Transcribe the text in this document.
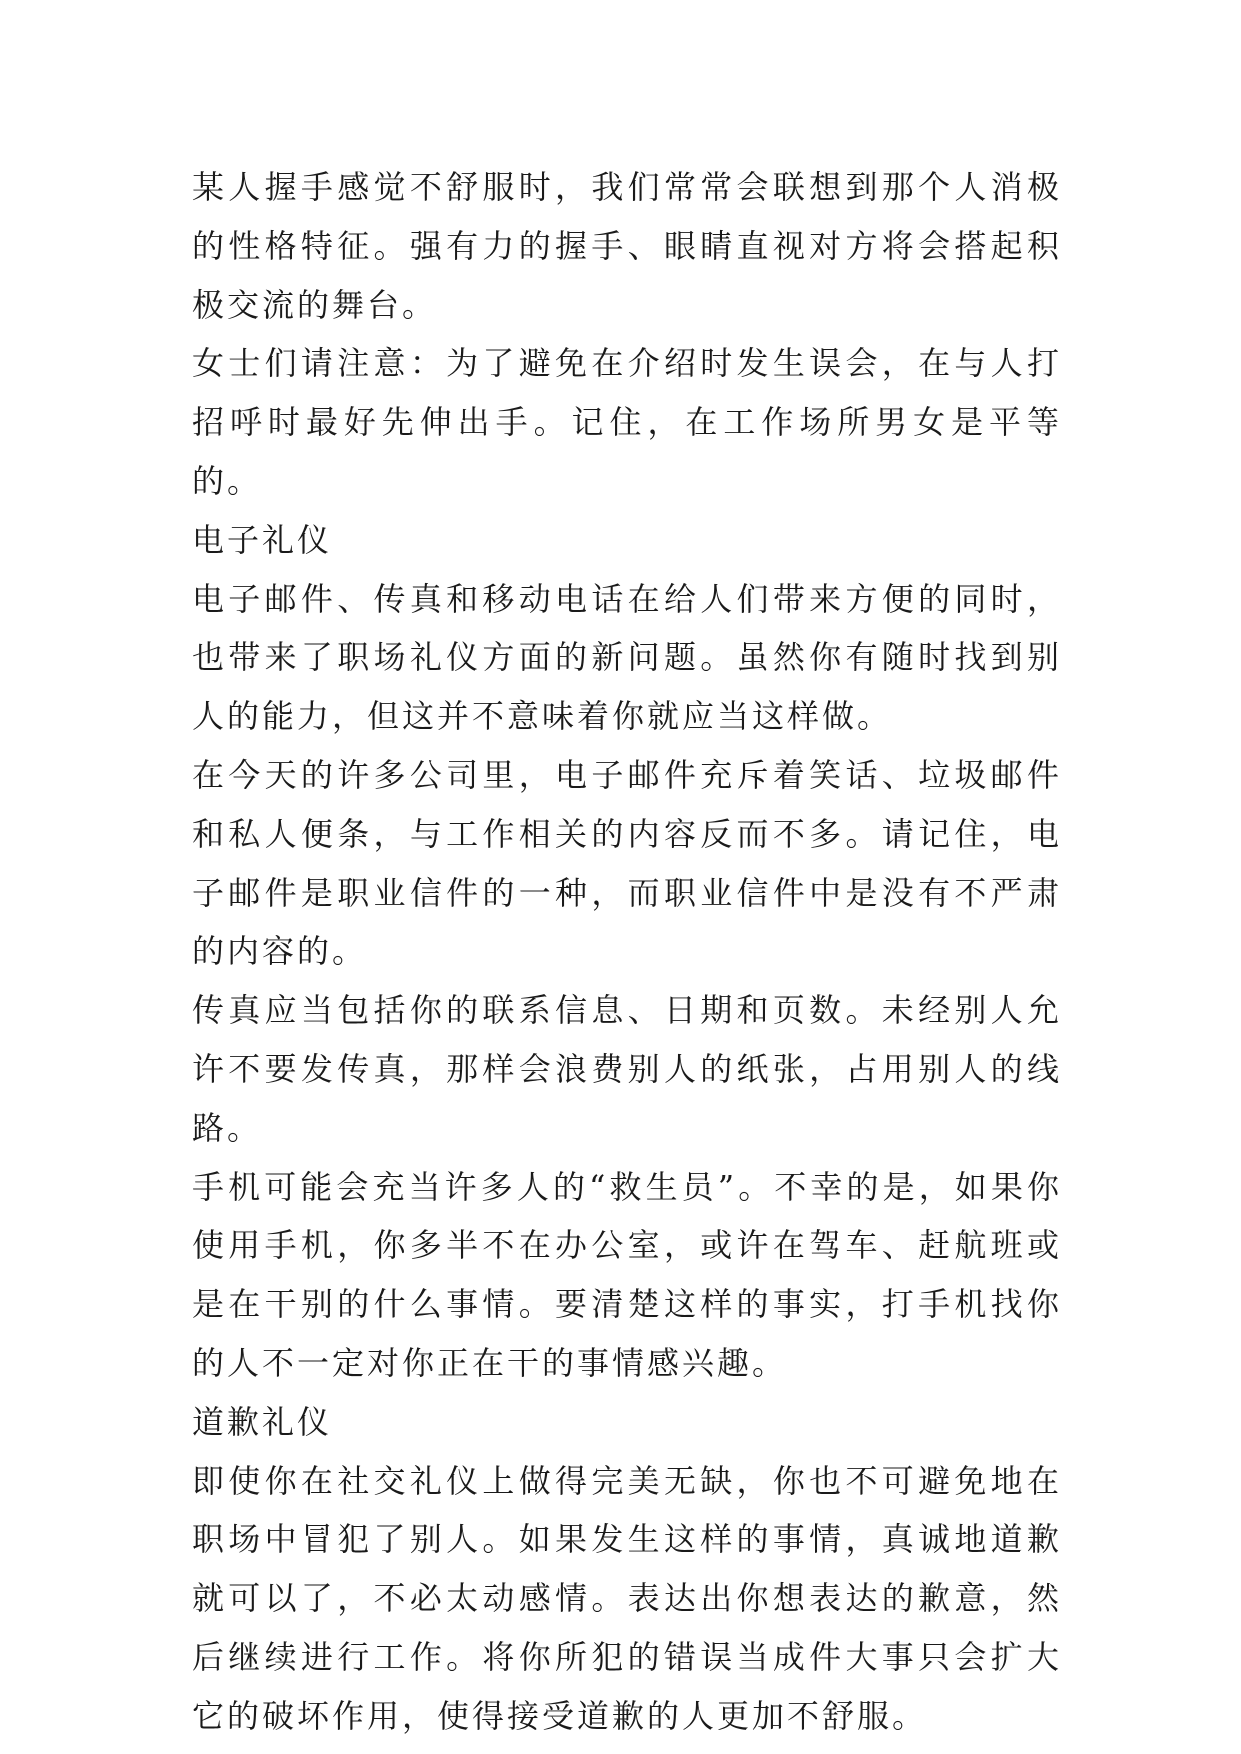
某人握手感觉不舒服时，我们常常会联想到那个人消极的性格特征。强有力的握手、眼睛直视对方将会搭起积极交流的舞台。

女士们请注意：为了避免在介绍时发生误会，在与人打招呼时最好先伸出手。记住，在工作场所男女是平等的。

电子礼仪

电子邮件、传真和移动电话在给人们带来方便的同时，也带来了职场礼仪方面的新问题。虽然你有随时找到别人的能力，但这并不意味着你就应当这样做。

在今天的许多公司里，电子邮件充斥着笑话、垃圾邮件和私人便条，与工作相关的内容反而不多。请记住，电子邮件是职业信件的一种，而职业信件中是没有不严肃的内容的。

传真应当包括你的联系信息、日期和页数。未经别人允许不要发传真，那样会浪费别人的纸张，占用别人的线路。

手机可能会充当许多人的“救生员”。不幸的是，如果你使用手机，你多半不在办公室，或许在驾车、赶航班或是在干别的什么事情。要清楚这样的事实，打手机找你的人不一定对你正在干的事情感兴趣。

道歉礼仪

即使你在社交礼仪上做得完美无缺，你也不可避免地在职场中冒犯了别人。如果发生这样的事情，真诚地道歉就可以了，不必太动感情。表达出你想表达的歉意，然后继续进行工作。将你所犯的错误当成件大事只会扩大它的破坏作用，使得接受道歉的人更加不舒服。
